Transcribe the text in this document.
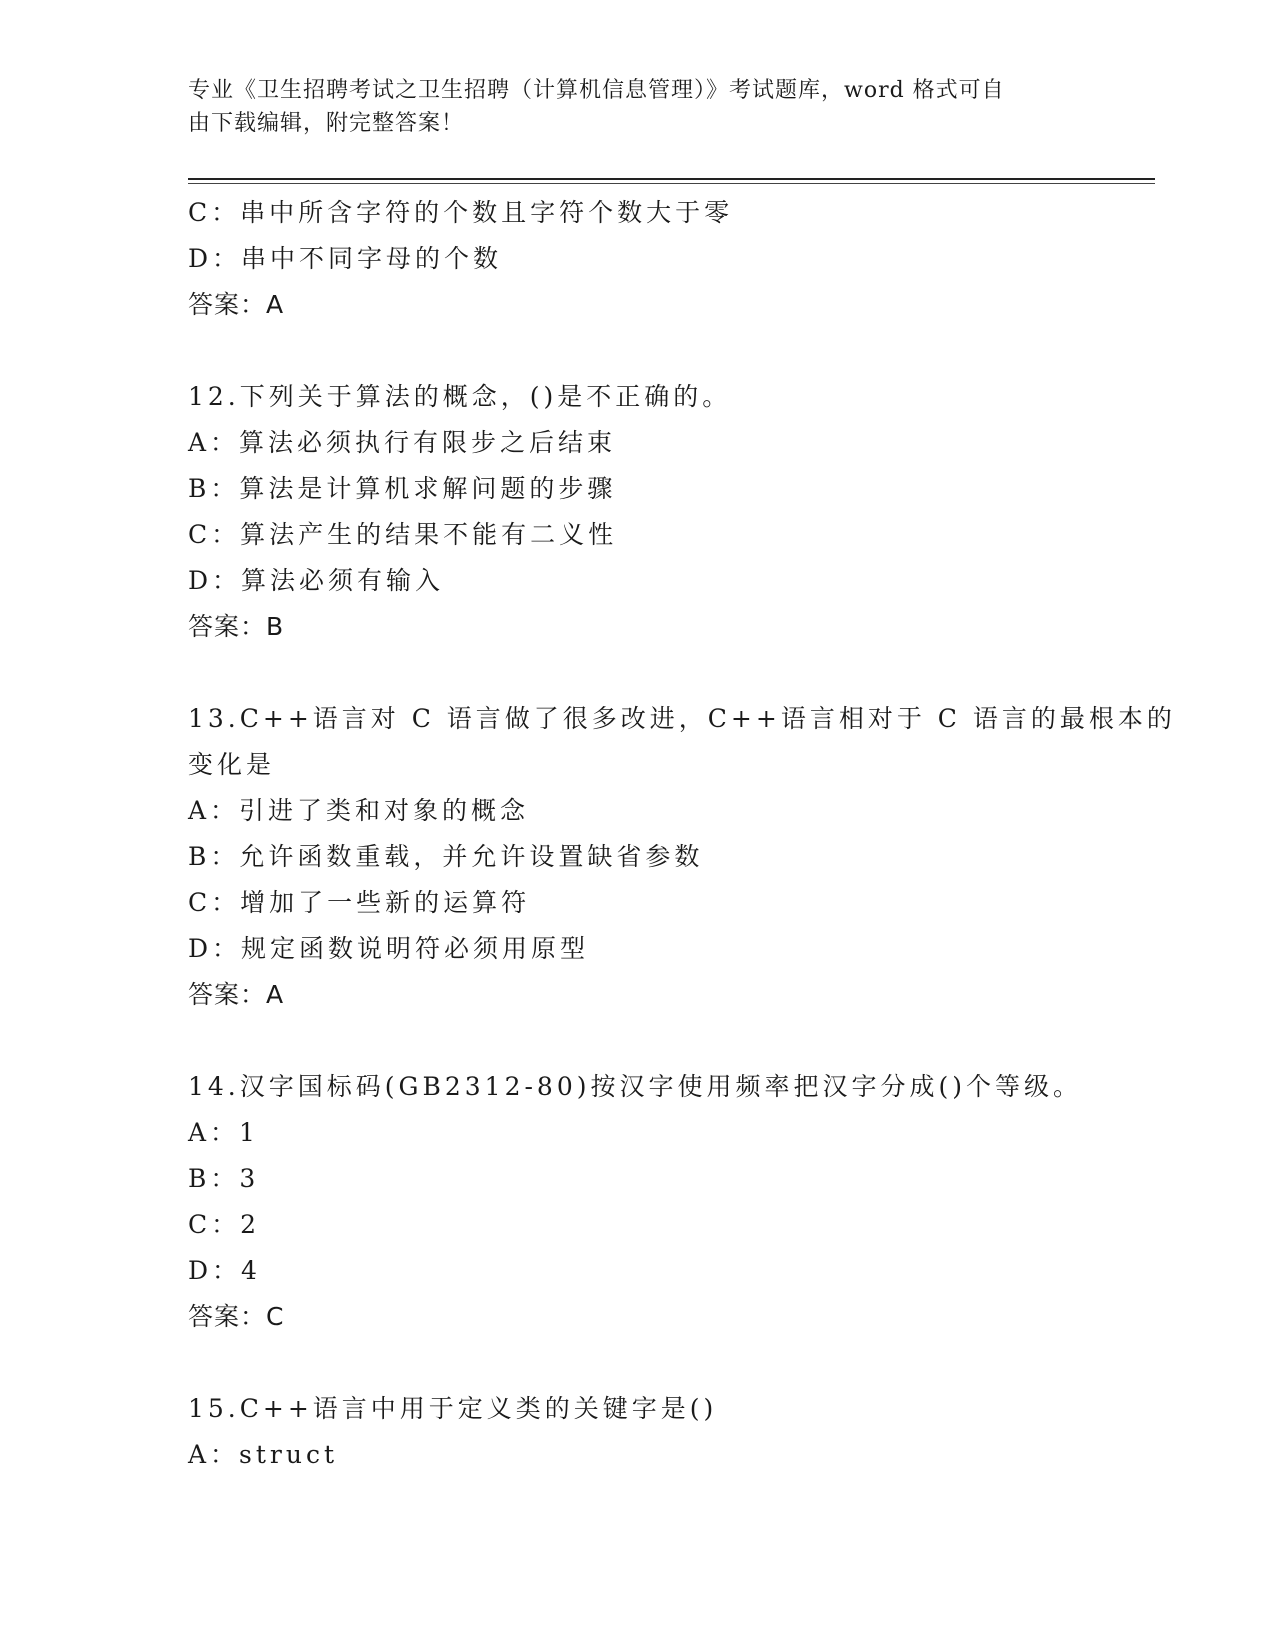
专业《卫生招聘考试之卫生招聘（计算机信息管理）》考试题库，word 格式可自
由下载编辑，附完整答案！
C：串中所含字符的个数且字符个数大于零
D：串中不同字母的个数
答案：A
12.下列关于算法的概念，()是不正确的。
A：算法必须执行有限步之后结束
B：算法是计算机求解问题的步骤
C：算法产生的结果不能有二义性
D：算法必须有输入
答案：B
13.C++语言对 C 语言做了很多改进，C++语言相对于 C 语言的最根本的
变化是
A：引进了类和对象的概念
B：允许函数重载，并允许设置缺省参数
C：增加了一些新的运算符
D：规定函数说明符必须用原型
答案：A
14.汉字国标码(GB2312-80)按汉字使用频率把汉字分成()个等级。
A：1
B：3
C：2
D：4
答案：C
15.C++语言中用于定义类的关键字是()
A：struct
